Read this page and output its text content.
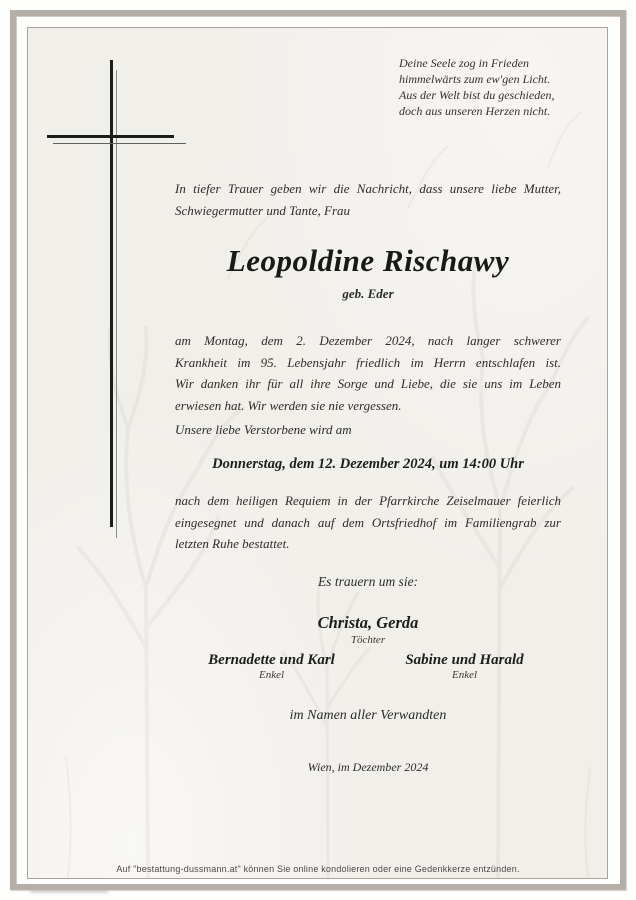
Deine Seele zog in Frieden
himmelwärts zum ew'gen Licht.
Aus der Welt bist du geschieden,
doch aus unseren Herzen nicht.
In tiefer Trauer geben wir die Nachricht, dass unsere liebe Mutter,
Schwiegermutter und Tante, Frau
Leopoldine Rischawy
geb. Eder
am Montag, dem 2. Dezember 2024, nach langer schwerer
Krankheit im 95. Lebensjahr friedlich im Herrn entschlafen ist.
Wir danken ihr für all ihre Sorge und Liebe, die sie uns im Leben
erwiesen hat. Wir werden sie nie vergessen.
Unsere liebe Verstorbene wird am
Donnerstag, dem 12. Dezember 2024, um 14:00 Uhr
nach dem heiligen Requiem in der Pfarrkirche Zeiselmauer feierlich
eingesegnet und danach auf dem Ortsfriedhof im Familiengrab zur
letzten Ruhe bestattet.
Es trauern um sie:
Christa, Gerda
Töchter
Bernadette und Karl
Enkel
Sabine und Harald
Enkel
im Namen aller Verwandten
Wien, im Dezember 2024
Auf "bestattung-dussmann.at" können Sie online kondolieren oder eine Gedenkkerze entzünden.
